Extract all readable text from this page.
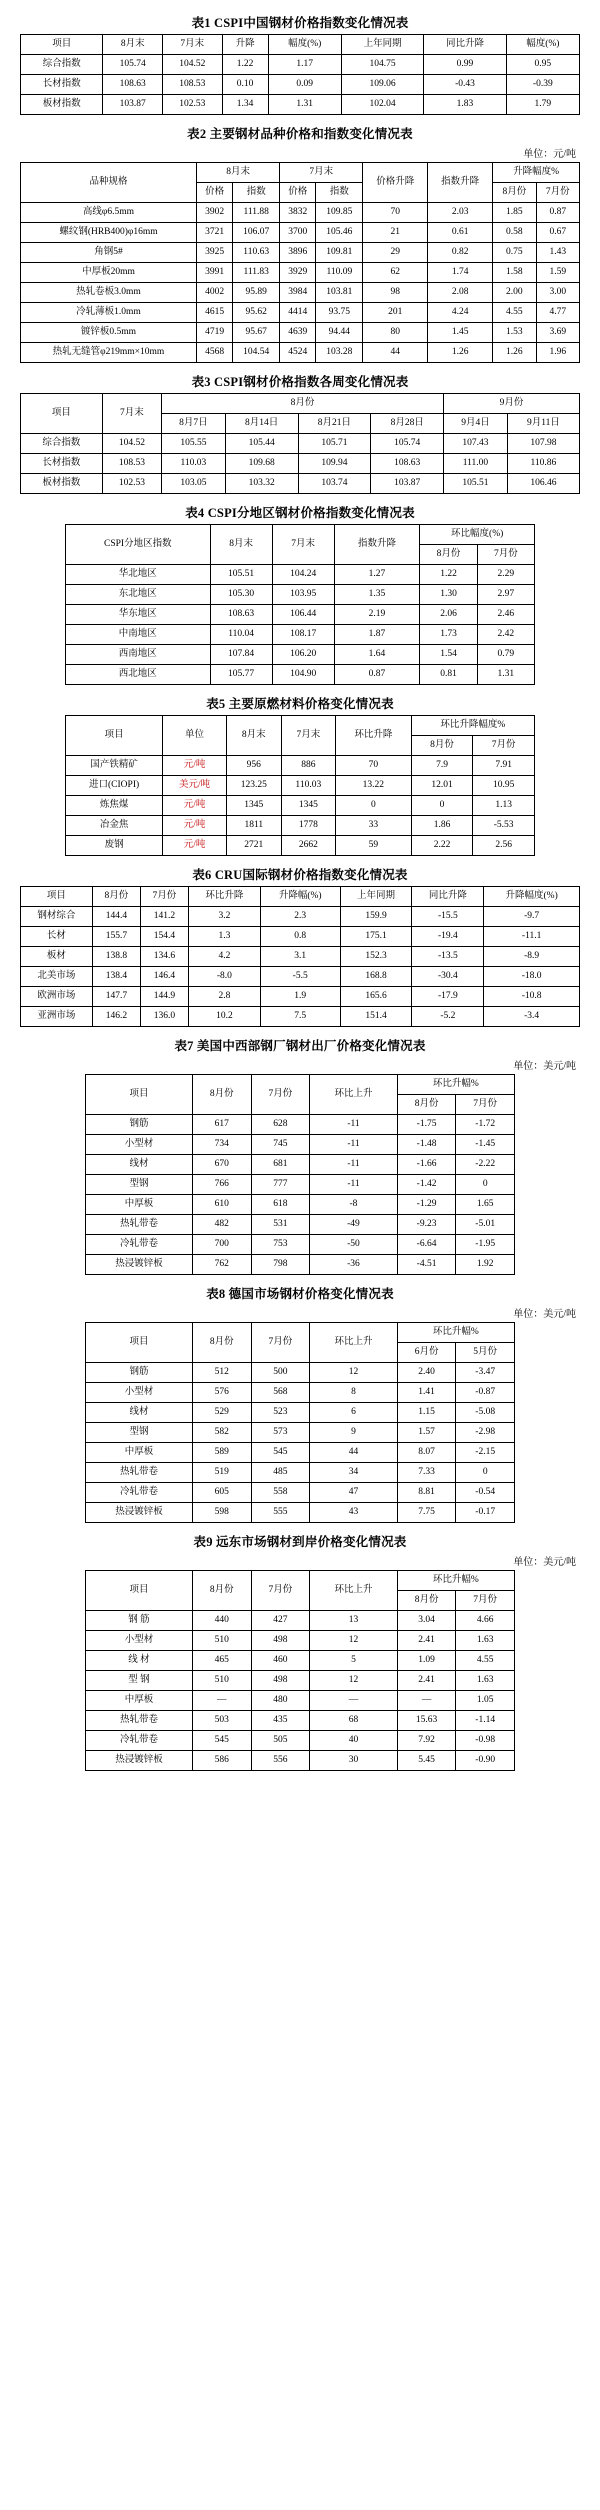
表1 CSPI中国钢材价格指数变化情况表
项目	8月末	7月末	升降	幅度(%)	上年同期	同比升降	幅度(%)
综合指数	105.74	104.52	1.22	1.17	104.75	0.99	0.95
长材指数	108.63	108.53	0.10	0.09	109.06	-0.43	-0.39
板材指数	103.87	102.53	1.34	1.31	102.04	1.83	1.79
表2 主要钢材品种价格和指数变化情况表
单位：元/吨
品种规格	8月末		7月末		价格升降	指数升降	升降幅度%	
	价格	指数	价格	指数			8月份	7月份
高线φ6.5mm	3902	111.88	3832	109.85	70	2.03	1.85	0.87
螺纹钢(HRB400)φ16mm	3721	106.07	3700	105.46	21	0.61	0.58	0.67
角钢5#	3925	110.63	3896	109.81	29	0.82	0.75	1.43
中厚板20mm	3991	111.83	3929	110.09	62	1.74	1.58	1.59
热轧卷板3.0mm	4002	95.89	3984	103.81	98	2.08	2.00	3.00
冷轧薄板1.0mm	4615	95.62	4414	93.75	201	4.24	4.55	4.77
镀锌板0.5mm	4719	95.67	4639	94.44	80	1.45	1.53	3.69
热轧无缝管φ219mm×10mm	4568	104.54	4524	103.28	44	1.26	1.26	1.96
表3 CSPI钢材价格指数各周变化情况表
项目	7月末	8月份				9月份	
		8月7日	8月14日	8月21日	8月28日	9月4日	9月11日
综合指数	104.52	105.55	105.44	105.71	105.74	107.43	107.98
长材指数	108.53	110.03	109.68	109.94	108.63	111.00	110.86
板材指数	102.53	103.05	103.32	103.74	103.87	105.51	106.46
表4 CSPI分地区钢材价格指数变化情况表
CSPI分地区指数	8月末	7月末	指数升降	环比幅度(%)	
				8月份	7月份
华北地区	105.51	104.24	1.27	1.22	2.29
东北地区	105.30	103.95	1.35	1.30	2.97
华东地区	108.63	106.44	2.19	2.06	2.46
中南地区	110.04	108.17	1.87	1.73	2.42
西南地区	107.84	106.20	1.64	1.54	0.79
西北地区	105.77	104.90	0.87	0.81	1.31
表5 主要原燃材料价格变化情况表
项目	单位	8月末	7月末	环比升降	环比升降幅度%	
					8月份	7月份
国产铁精矿	元/吨	956	886	70	7.9	7.91
进口(CIOPI)	美元/吨	123.25	110.03	13.22	12.01	10.95
炼焦煤	元/吨	1345	1345	0	0	1.13
冶金焦	元/吨	1811	1778	33	1.86	-5.53
废钢	元/吨	2721	2662	59	2.22	2.56
表6 CRU国际钢材价格指数变化情况表
项目	8月份	7月份	环比升降	升降幅(%)	上年同期	同比升降	升降幅度(%)
钢材综合	144.4	141.2	3.2	2.3	159.9	-15.5	-9.7
长材	155.7	154.4	1.3	0.8	175.1	-19.4	-11.1
板材	138.8	134.6	4.2	3.1	152.3	-13.5	-8.9
北美市场	138.4	146.4	-8.0	-5.5	168.8	-30.4	-18.0
欧洲市场	147.7	144.9	2.8	1.9	165.6	-17.9	-10.8
亚洲市场	146.2	136.0	10.2	7.5	151.4	-5.2	-3.4
表7 美国中西部钢厂钢材出厂价格变化情况表
单位：美元/吨
项目	8月份	7月份	环比上升	环比升幅%	
				8月份	7月份
钢筋	617	628	-11	-1.75	-1.72
小型材	734	745	-11	-1.48	-1.45
线材	670	681	-11	-1.66	-2.22
型钢	766	777	-11	-1.42	0
中厚板	610	618	-8	-1.29	1.65
热轧带卷	482	531	-49	-9.23	-5.01
冷轧带卷	700	753	-50	-6.64	-1.95
热浸镀锌板	762	798	-36	-4.51	1.92
表8 德国市场钢材价格变化情况表
单位：美元/吨
项目	8月份	7月份	环比上升	环比升幅%	
				6月份	5月份
钢筋	512	500	12	2.40	-3.47
小型材	576	568	8	1.41	-0.87
线材	529	523	6	1.15	-5.08
型钢	582	573	9	1.57	-2.98
中厚板	589	545	44	8.07	-2.15
热轧带卷	519	485	34	7.33	0
冷轧带卷	605	558	47	8.81	-0.54
热浸镀锌板	598	555	43	7.75	-0.17
表9 远东市场钢材到岸价格变化情况表
单位：美元/吨
项目	8月份	7月份	环比上升	环比升幅%	
				8月份	7月份
钢 筋	440	427	13	3.04	4.66
小型材	510	498	12	2.41	1.63
线 材	465	460	5	1.09	4.55
型 钢	510	498	12	2.41	1.63
中厚板	—	480	—	—	1.05
热轧带卷	503	435	68	15.63	-1.14
冷轧带卷	545	505	40	7.92	-0.98
热浸镀锌板	586	556	30	5.45	-0.90
